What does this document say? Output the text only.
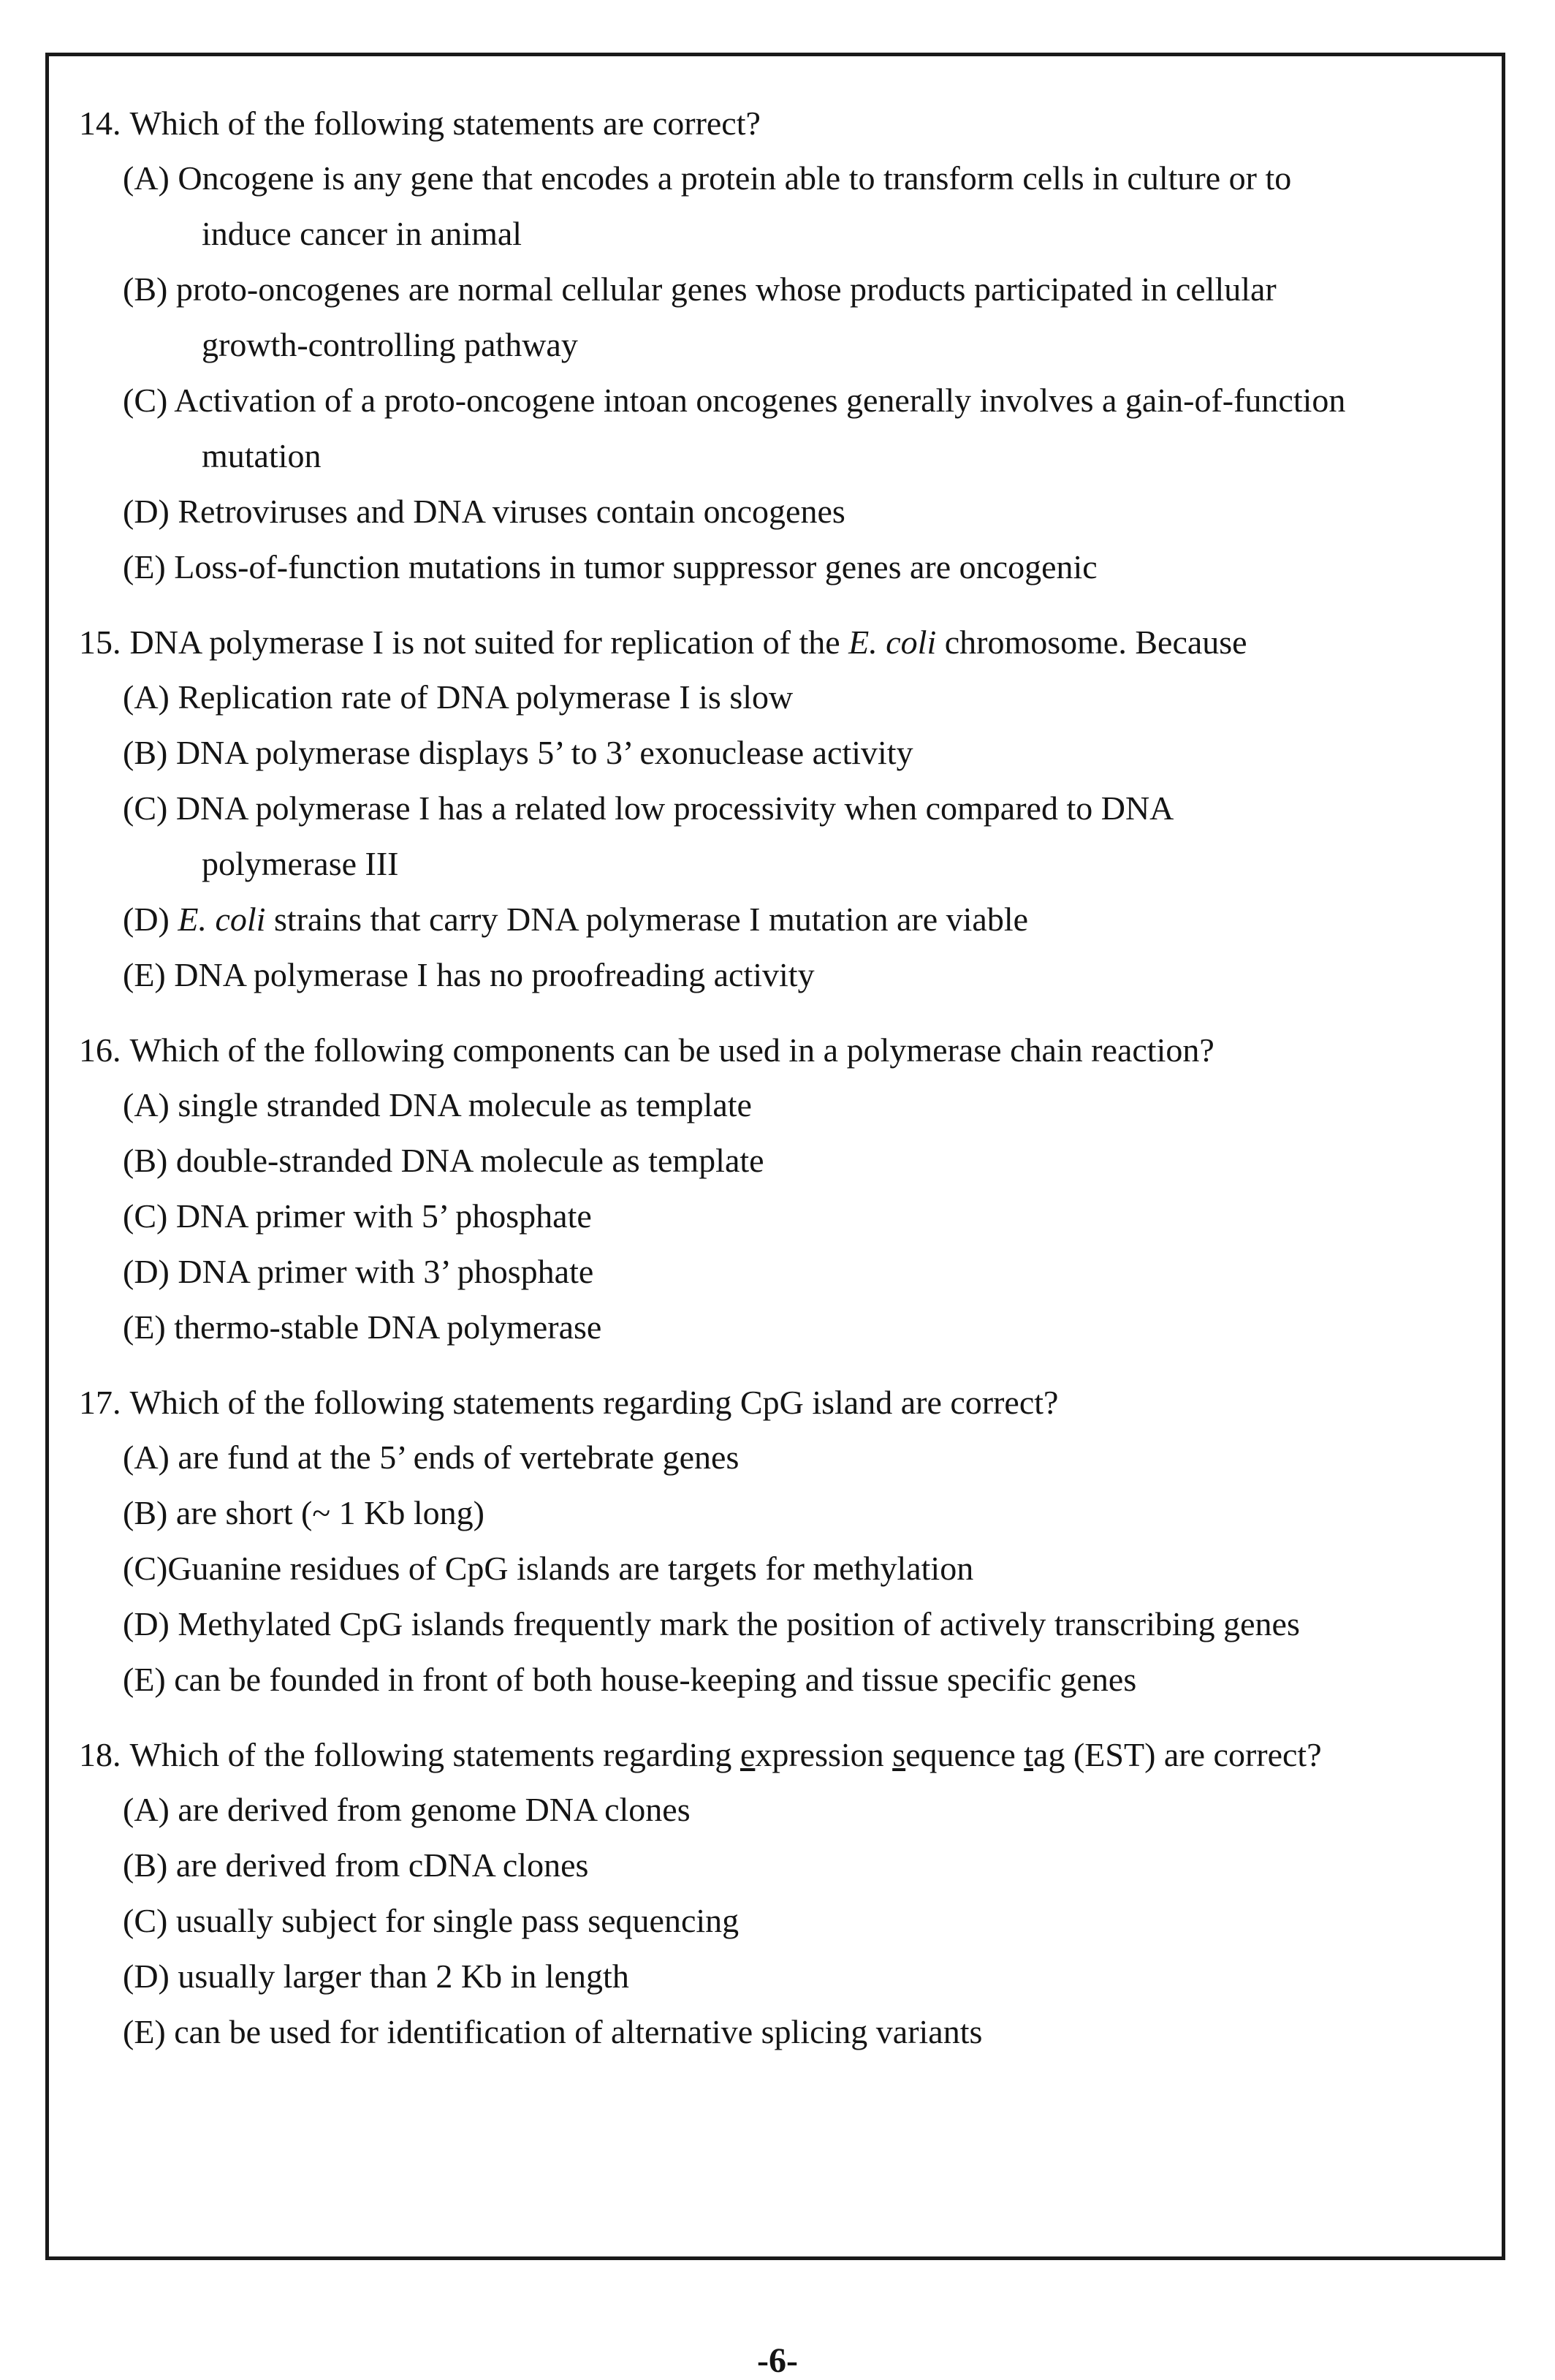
14. Which of the following statements are correct?
(A) Oncogene is any gene that encodes a protein able to transform cells in culture or to
induce cancer in animal
(B) proto-oncogenes are normal cellular genes whose products participated in cellular
growth-controlling pathway
(C) Activation of a proto-oncogene intoan oncogenes generally involves a gain-of-function
mutation
(D) Retroviruses and DNA viruses contain oncogenes
(E) Loss-of-function mutations in tumor suppressor genes are oncogenic
15. DNA polymerase I is not suited for replication of the E. coli chromosome. Because
(A) Replication rate of DNA polymerase I is slow
(B) DNA polymerase displays 5’ to 3’ exonuclease activity
(C) DNA polymerase I has a related low processivity when compared to DNA
polymerase III
(D) E. coli strains that carry DNA polymerase I mutation are viable
(E) DNA polymerase I has no proofreading activity
16. Which of the following components can be used in a polymerase chain reaction?
(A) single stranded DNA molecule as template
(B) double-stranded DNA molecule as template
(C) DNA primer with 5’ phosphate
(D) DNA primer with 3’ phosphate
(E) thermo-stable DNA polymerase
17. Which of the following statements regarding CpG island are correct?
(A) are fund at the 5’ ends of vertebrate genes
(B) are short (~ 1 Kb long)
(C)Guanine residues of CpG islands are targets for methylation
(D) Methylated CpG islands frequently mark the position of actively transcribing genes
(E) can be founded in front of both house-keeping and tissue specific genes
18. Which of the following statements regarding expression sequence tag (EST) are correct?
(A) are derived from genome DNA clones
(B) are derived from cDNA clones
(C) usually subject for single pass sequencing
(D) usually larger than 2 Kb in length
(E) can be used for identification of alternative splicing variants
-6-
